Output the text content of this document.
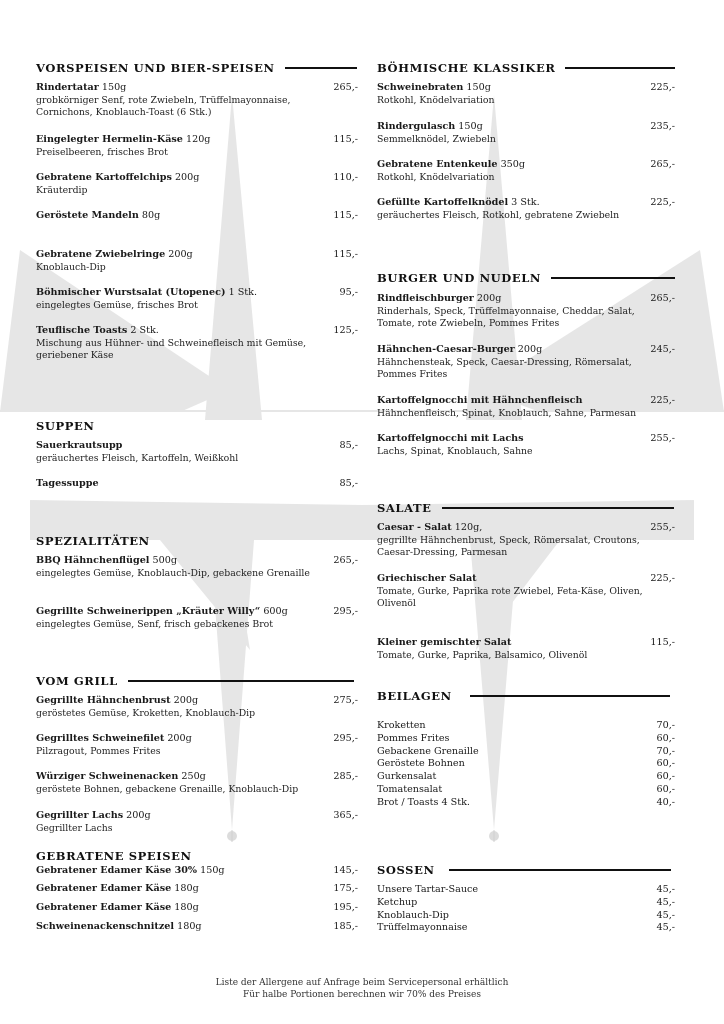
VORSPEISEN UND BIER-SPEISEN
Rindertatar 150g	265,-
grobkörniger Senf, rote Zwiebeln, Trüffelmayonnaise, Cornichons, Knoblauch-Toast (6 Stk.)
Eingelegter Hermelin-Käse 120g	115,-
Preiselbeeren, frisches Brot
Gebratene Kartoffelchips 200g	110,-
Kräuterdip
Geröstete Mandeln 80g	115,-
Gebratene Zwiebelringe 200g	115,-
Knoblauch-Dip
Böhmischer Wurstsalat (Utopenec) 1 Stk.	95,-
eingelegtes Gemüse, frisches Brot
Teuflische Toasts 2 Stk.	125,-
Mischung aus Hühner- und Schweinefleisch mit Gemüse, geriebener Käse
SUPPEN
Sauerkrautsupp	85,-
geräuchertes Fleisch, Kartoffeln, Weißkohl
Tagessuppe	85,-
SPEZIALITÄTEN
BBQ Hähnchenflügel 500g	265,-
eingelegtes Gemüse, Knoblauch-Dip, gebackene Grenaille
Gegrillte Schweinerippen „Kräuter Willy“ 600g	295,-
eingelegtes Gemüse, Senf, frisch gebackenes Brot
VOM GRILL
Gegrillte Hähnchenbrust 200g	275,-
geröstetes Gemüse, Kroketten, Knoblauch-Dip
Gegrilltes Schweinefilet 200g	295,-
Pilzragout, Pommes Frites
Würziger Schweinenacken 250g	285,-
geröstete Bohnen, gebackene Grenaille, Knoblauch-Dip
Gegrillter Lachs 200g	365,-
Gegrillter Lachs
GEBRATENE SPEISEN
Gebratener Edamer Käse 30% 150g	145,-
Gebratener Edamer Käse 180g	175,-
Gebratener Edamer Käse 180g	195,-
Schweinenackenschnitzel 180g	185,-
BÖHMISCHE KLASSIKER
Schweinebraten 150g	225,-
Rotkohl, Knödelvariation
Rindergulasch 150g	235,-
Semmelknödel, Zwiebeln
Gebratene Entenkeule 350g	265,-
Rotkohl, Knödelvariation
Gefüllte Kartoffelknödel 3 Stk.	225,-
geräuchertes Fleisch, Rotkohl, gebratene Zwiebeln
BURGER UND NUDELN
Rindfleischburger 200g	265,-
Rinderhals, Speck, Trüffelmayonnaise, Cheddar, Salat, Tomate, rote Zwiebeln, Pommes Frites
Hähnchen-Caesar-Burger 200g	245,-
Hähnchensteak, Speck, Caesar-Dressing, Römersalat, Pommes Frites
Kartoffelgnocchi mit Hähnchenfleisch	225,-
Hähnchenfleisch, Spinat, Knoblauch, Sahne, Parmesan
Kartoffelgnocchi mit Lachs	255,-
Lachs, Spinat, Knoblauch, Sahne
SALATE
Caesar - Salat 120g,	255,-
gegrillte Hähnchenbrust, Speck, Römersalat, Croutons, Caesar-Dressing, Parmesan
Griechischer Salat	225,-
Tomate, Gurke, Paprika rote Zwiebel, Feta-Käse, Oliven, Olivenöl
Kleiner gemischter Salat	115,-
Tomate, Gurke, Paprika, Balsamico, Olivenöl
BEILAGEN
Kroketten	70,-
Pommes Frites	60,-
Gebackene Grenaille	70,-
Geröstete Bohnen	60,-
Gurkensalat	60,-
Tomatensalat	60,-
Brot / Toasts 4 Stk.	40,-
SOSSEN
Unsere Tartar-Sauce	45,-
Ketchup	45,-
Knoblauch-Dip	45,-
Trüffelmayonnaise	45,-
Liste der Allergene auf Anfrage beim Servicepersonal erhältlich
Für halbe Portionen berechnen wir 70% des Preises
